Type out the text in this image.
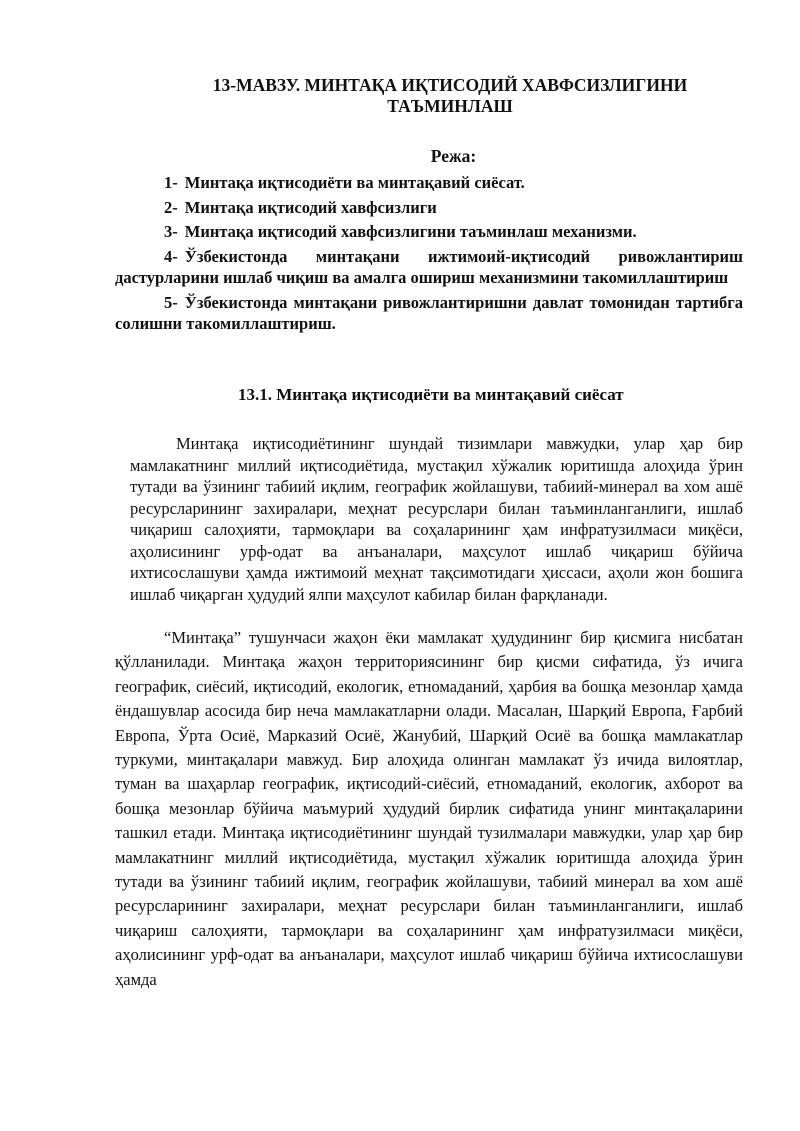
13-МАВЗУ. МИНТАҚА ИҚТИСОДИЙ ХАВФСИЗЛИГИНИ ТАЪМИНЛАШ
Режа:
1- Минтақа иқтисодиёти ва минтақавий сиёсат.
2- Минтақа иқтисодий хавфсизлиги
3- Минтақа иқтисодий хавфсизлигини таъминлаш механизми.
4- Ўзбекистонда минтақани ижтимоий-иқтисодий ривожлантириш дастурларини ишлаб чиқиш ва амалга ошириш механизмини такомиллаштириш
5- Ўзбекистонда минтақани ривожлантиришни давлат томонидан тартибга солишни такомиллаштириш.
13.1. Минтақа иқтисодиёти ва минтақавий сиёсат
Минтақа иқтисодиётининг шундай тизимлари мавжудки, улар ҳар бир мамлакатнинг миллий иқтисодиётида, мустақил хўжалик юритишда алоҳида ўрин тутади ва ўзининг табиий иқлим, географик жойлашуви, табиий-минерал ва хом ашё ресурсларининг захиралари, меҳнат ресурслари билан таъминланганлиги, ишлаб чиқариш салоҳияти, тармоқлари ва соҳаларининг ҳам инфратузилмаси миқёси, аҳолисининг урф-одат ва анъаналари, маҳсулот ишлаб чиқариш бўйича ихтисослашуви ҳамда ижтимоий меҳнат тақсимотидаги ҳиссаси, аҳоли жон бошига ишлаб чиқарган ҳудудий ялпи маҳсулот кабилар билан фарқланади.
“Минтақа” тушунчаси жаҳон ёки мамлакат ҳудудининг бир қисмига нисбатан қўлланилади. Минтақа жаҳон территориясининг бир қисми сифатида, ўз ичига географик, сиёсий, иқтисодий, екологик, етномаданий, ҳарбия ва бошқа мезонлар ҳамда ёндашувлар асосида бир неча мамлакатларни олади. Масалан, Шарқий Европа, Ғарбий Европа, Ўрта Осиё, Марказий Осиё, Жанубий, Шарқий Осиё ва бошқа мамлакатлар туркуми, минтақалари мавжуд. Бир алоҳида олинган мамлакат ўз ичида вилоятлар, туман ва шаҳарлар географик, иқтисодий-сиёсий, етномаданий, екологик, ахборот ва бошқа мезонлар бўйича маъмурий ҳудудий бирлик сифатида унинг минтақаларини ташкил етади. Минтақа иқтисодиётининг шундай тузилмалари мавжудки, улар ҳар бир мамлакатнинг миллий иқтисодиётида, мустақил хўжалик юритишда алоҳида ўрин тутади ва ўзининг табиий иқлим, географик жойлашуви, табиий минерал ва хом ашё ресурсларининг захиралари, меҳнат ресурслари билан таъминланганлиги, ишлаб чиқариш салоҳияти, тармоқлари ва соҳаларининг ҳам инфратузилмаси миқёси, аҳолисининг урф-одат ва анъаналари, маҳсулот ишлаб чиқариш бўйича ихтисослашуви ҳамда
